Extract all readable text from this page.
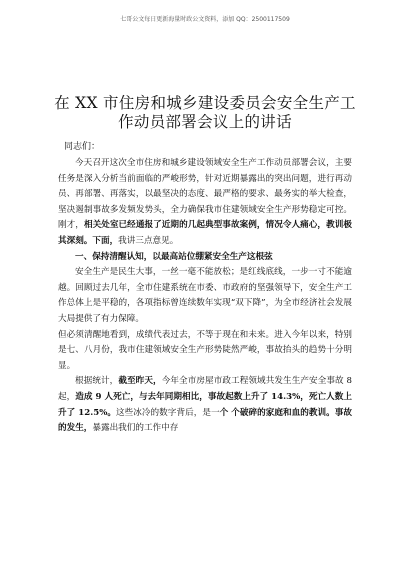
七哥公文每日更新海量时政公文资料，添加 QQ：2500117509
在 XX 市住房和城乡建设委员会安全生产工作动员部署会议上的讲话
同志们：

今天召开这次全市住房和城乡建设领域安全生产工作动员部署会议，主要任务是深入分析当前面临的严峻形势，针对近期暴露出的突出问题，进行再动员、再部署、再落实，以最坚决的态度、最严格的要求、最务实的举大检查，坚决遏制事故多发频发势头，全力确保我市住建领域安全生产形势稳定可控。刚才，相关处室已经通报了近期的几起典型事故案例，情况令人痛心，教训极其深刻。下面，我讲三点意见。

一、保持清醒认知，以最高站位绷紧安全生产这根弦

安全生产是民生大事，一丝一毫不能放松；是红线底线，一步一寸不能逾越。回顾过去几年，全市住建系统在市委、市政府的坚强领导下，安全生产工作总体上是平稳的，各项指标曾连续数年实现“双下降”，为全市经济社会发展大局提供了有力保障。

但必须清醒地看到，成绩代表过去，不等于现在和未来。进入今年以来，特别是七、八月份，我市住建领域安全生产形势陡然严峻，事故抬头的趋势十分明显。

根据统计，截至昨天，今年全市房屋市政工程领域共发生生产安全事故 8 起，造成 9 人死亡，与去年同期相比，事故起数上升了 14.3%，死亡人数上升了 12.5%。这些冰冷的数字背后，是一个 个破碎的家庭和血的教训。事故的发生，暴露出我们的工作中存
